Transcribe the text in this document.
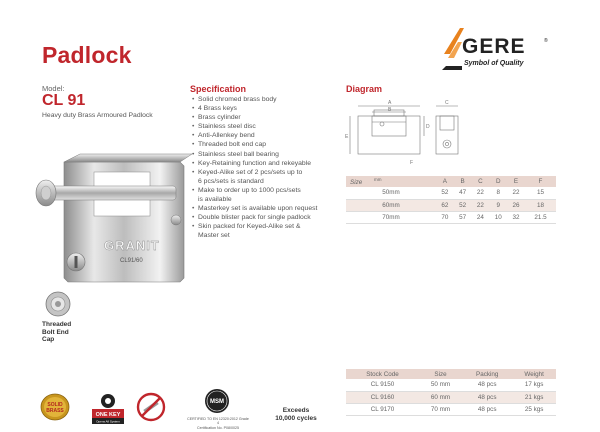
Padlock	GERE
Symbol of Quality
®
Model:
CL 91
Heavy duty Brass Armoured Padlock
Specification
• Solid chromed brass body
• 4 Brass keys
• Brass cylinder
• Stainless steel disc
• Anti-Allenkey bend
• Threaded bolt end cap
• Stainless steel ball bearing
• Key-Retaining function and rekeyable
• Keyed-Alike set of 2 pcs/sets up to
6 pcs/sets is standard
• Make to order up to 1000 pcs/sets
is available
• Masterkey set is available upon request
• Double blister pack for single padlock
• Skin packed for Keyed-Alike set &
Master set
Diagram
A
B
C
D
E
F
Size $^{mm}$	A	B	C	D	E	F
50mm	52	47	22	8	22	15
60mm	62	52	22	9	26	18
70mm	70	57	24	10	32	21.5
GRANIT
CL91/60
Threaded
Bolt End
Cap
Stock Code	Size	Packing	Weight
CL 9150	50 mm	48 pcs	17 kgs
CL 9160	60 mm	48 pcs	21 kgs
CL 9170	70 mm	48 pcs	25 kgs
SOLID
BRASS
ONE KEY
Opens All System
MSM
CERTIFIED TO EN 12320:2012 Grade 4
Certification No. P08/0025
Exceeds
10,000 cycles
